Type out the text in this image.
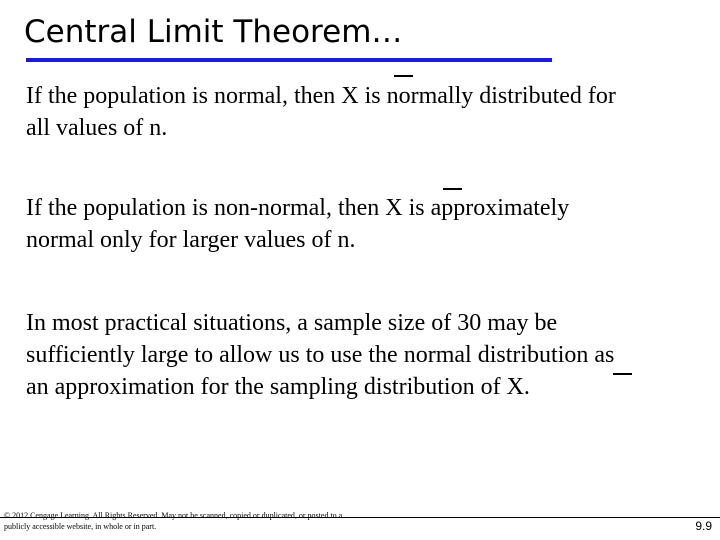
Central Limit Theorem…
If the population is normal, then X is normally distributed for
all values of n.
If the population is non-normal, then X is approximately
normal only for larger values of n.
In most practical situations, a sample size of 30 may be
sufficiently large to allow us to use the normal distribution as
an approximation for the sampling distribution of X.
© 2012 Cengage Learning. All Rights Reserved. May not be scanned, copied or duplicated, or posted to a publicly accessible website, in whole or in part.	9.9
